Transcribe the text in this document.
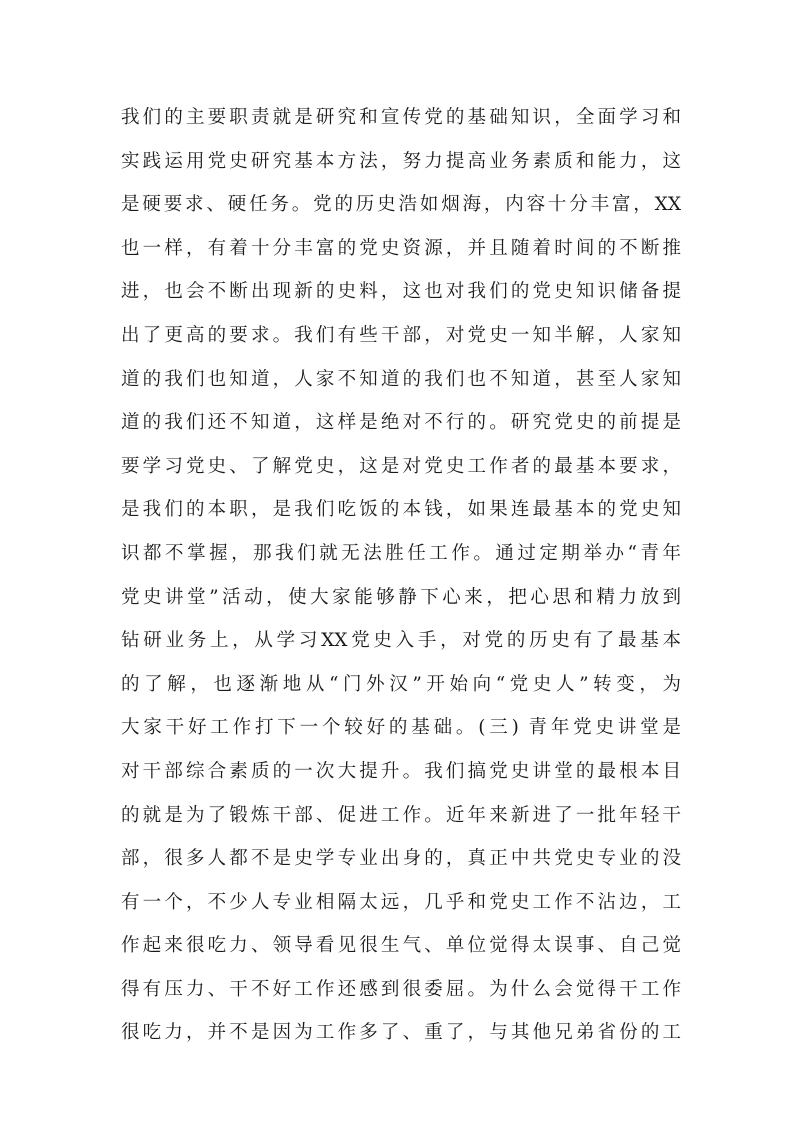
我们的主要职责就是研究和宣传党的基础知识，全面学习和
实践运用党史研究基本方法，努力提高业务素质和能力，这
是硬要求、硬任务。党的历史浩如烟海，内容十分丰富，XX
也一样，有着十分丰富的党史资源，并且随着时间的不断推
进，也会不断出现新的史料，这也对我们的党史知识储备提
出了更高的要求。我们有些干部，对党史一知半解，人家知
道的我们也知道，人家不知道的我们也不知道，甚至人家知
道的我们还不知道，这样是绝对不行的。研究党史的前提是
要学习党史、了解党史，这是对党史工作者的最基本要求，
是我们的本职，是我们吃饭的本钱，如果连最基本的党史知
识都不掌握，那我们就无法胜任工作。通过定期举办“青年
党史讲堂”活动，使大家能够静下心来，把心思和精力放到
钻研业务上，从学习XX党史入手，对党的历史有了最基本
的了解，也逐渐地从“门外汉”开始向“党史人”转变，为
大家干好工作打下一个较好的基础。(三) 青年党史讲堂是
对干部综合素质的一次大提升。我们搞党史讲堂的最根本目
的就是为了锻炼干部、促进工作。近年来新进了一批年轻干
部，很多人都不是史学专业出身的，真正中共党史专业的没
有一个，不少人专业相隔太远，几乎和党史工作不沾边，工
作起来很吃力、领导看见很生气、单位觉得太误事、自己觉
得有压力、干不好工作还感到很委屈。为什么会觉得干工作
很吃力，并不是因为工作多了、重了，与其他兄弟省份的工
